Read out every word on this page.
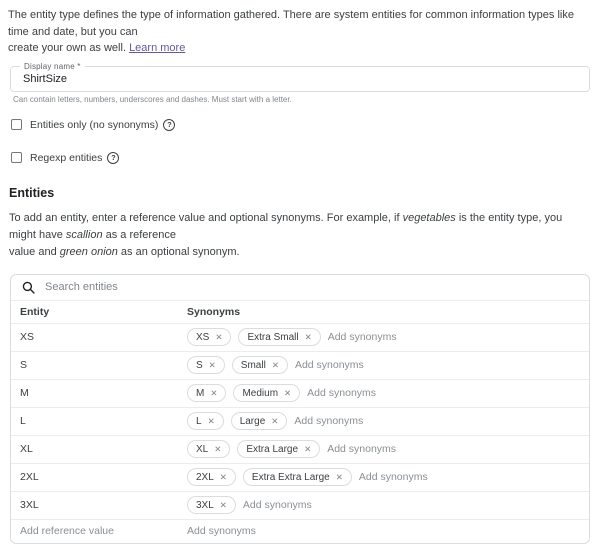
The entity type defines the type of information gathered. There are system entities for common information types like time and date, but you can
create your own as well. Learn more

Display name *
ShirtSize
Can contain letters, numbers, underscores and dashes. Must start with a letter.
Entities only (no synonyms)	?
Regexp entities	?
Entities

To add an entity, enter a reference value and optional synonyms. For example, if vegetables is the entity type, you might have scallion as a reference
value and green onion as an optional synonym.

Search entities
Entity	Synonyms
XS	XS ✕	Extra Small ✕ Add synonyms
S	S ✕	Small ✕ Add synonyms
M	M ✕	Medium ✕ Add synonyms
L	L ✕	Large ✕ Add synonyms
XL	XL ✕	Extra Large ✕ Add synonyms
2XL	2XL ✕	Extra Extra Large ✕ Add synonyms
3XL	3XL ✕ Add synonyms
Add reference value	Add synonyms
